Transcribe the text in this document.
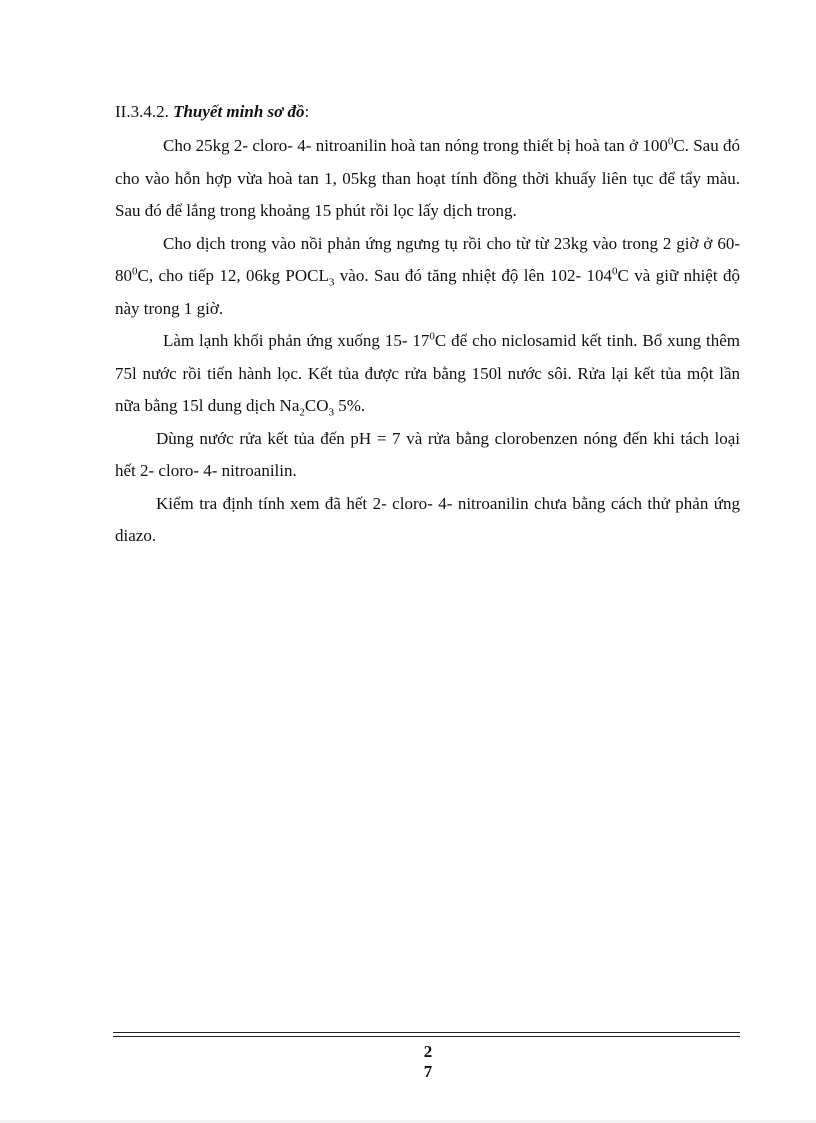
II.3.4.2. Thuyết minh sơ đồ:

Cho 25kg 2- cloro- 4- nitroanilin hoà tan nóng trong thiết bị hoà tan ở $100^0C$. Sau đó cho vào hỗn hợp vừa hoà tan 1, 05kg than hoạt tính đồng thời khuấy liên tục để tẩy màu. Sau đó để lắng trong khoảng 15 phút rồi lọc lấy dịch trong.

Cho dịch trong vào nồi phản ứng ngưng tụ rồi cho từ từ 23kg vào trong 2 giờ ở 60- $80^0C$, cho tiếp 12, 06kg $POCL_3$ vào. Sau đó tăng nhiệt độ lên 102- $104^0C$ và giữ nhiệt độ này trong 1 giờ.

Làm lạnh khối phản ứng xuống 15- $17^0C$ để cho niclosamid kết tinh. Bổ xung thêm 75l nước rồi tiến hành lọc. Kết tủa được rửa bằng 150l nước sôi. Rửa lại kết tủa một lần nữa bằng 15l dung dịch $Na_2CO_3$ 5%.

Dùng nước rửa kết tủa đến pH = 7 và rửa bằng clorobenzen nóng đến khi tách loại hết 2- cloro- 4- nitroanilin.

Kiểm tra định tính xem đã hết 2- cloro- 4- nitroanilin chưa bằng cách thử phản ứng diazo.

2
7
